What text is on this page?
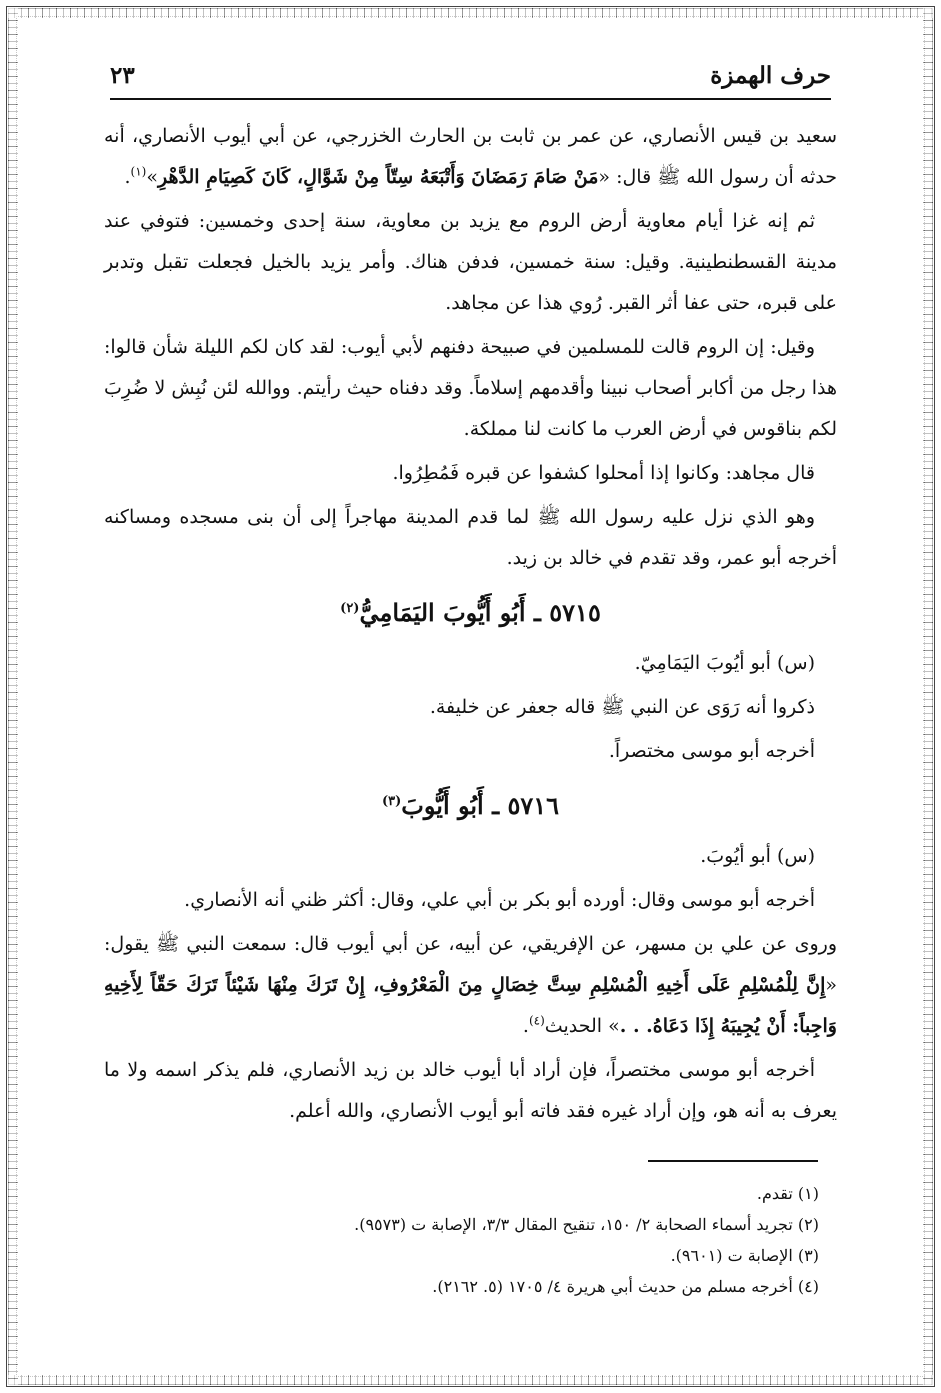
حرف الهمزة
٢٣

سعيد بن قيس الأنصاري، عن عمر بن ثابت بن الحارث الخزرجي، عن أبي أيوب الأنصاري، أنه حدثه أن رسول الله ﷺ قال: «مَنْ صَامَ رَمَضَانَ وَأَتْبَعَهُ سِتّاً مِنْ شَوَّالٍ، كَانَ كَصِيَامِ الدَّهْرِ»$^{(١)}$.

ثم إنه غزا أيام معاوية أرض الروم مع يزيد بن معاوية، سنة إحدى وخمسين: فتوفي عند مدينة القسطنطينية. وقيل: سنة خمسين، فدفن هناك. وأمر يزيد بالخيل فجعلت تقبل وتدبر على قبره، حتى عفا أثر القبر. رُوي هذا عن مجاهد.

وقيل: إن الروم قالت للمسلمين في صبيحة دفنهم لأبي أيوب: لقد كان لكم الليلة شأن قالوا: هذا رجل من أكابر أصحاب نبينا وأقدمهم إسلاماً. وقد دفناه حيث رأيتم. ووالله لئن نُبِش لا ضُرِبَ لكم بناقوس في أرض العرب ما كانت لنا مملكة.

قال مجاهد: وكانوا إذا أمحلوا كشفوا عن قبره فَمُطِرُوا.

وهو الذي نزل عليه رسول الله ﷺ لما قدم المدينة مهاجراً إلى أن بنى مسجده ومساكنه أخرجه أبو عمر، وقد تقدم في خالد بن زيد.

٥٧١٥ ـ أَبُو أَيُّوبَ اليَمَامِيُّ$^{(٢)}$

(س) أبو أيُوبَ اليَمَامِيّ.

ذكروا أنه رَوَى عن النبي ﷺ قاله جعفر عن خليفة.

أخرجه أبو موسى مختصراً.

٥٧١٦ ـ أَبُو أَيُّوبَ$^{(٣)}$

(س) أبو أيُوبَ.

أخرجه أبو موسى وقال: أورده أبو بكر بن أبي علي، وقال: أكثر ظني أنه الأنصاري.

وروى عن علي بن مسهر، عن الإفريقي، عن أبيه، عن أبي أيوب قال: سمعت النبي ﷺ يقول: «إِنَّ لِلْمُسْلِمِ عَلَى أَخِيهِ الْمُسْلِمِ سِتَّ خِصَالٍ مِنَ الْمَعْرُوفِ، إِنْ تَرَكَ مِنْهَا شَيْئاً تَرَكَ حَقّاً لِأَخِيهِ وَاجِباً: أَنْ يُجِيبَهُ إِذَا دَعَاهُ. . .» الحديث$^{(٤)}$.

أخرجه أبو موسى مختصراً، فإن أراد أبا أيوب خالد بن زيد الأنصاري، فلم يذكر اسمه ولا ما يعرف به أنه هو، وإن أراد غيره فقد فاته أبو أيوب الأنصاري، والله أعلم.

(١) تقدم.

(٢) تجريد أسماء الصحابة ٢/ ١٥٠، تنقيح المقال ٣/٣، الإصابة ت (٩٥٧٣).

(٣) الإصابة ت (٩٦٠١).

(٤) أخرجه مسلم من حديث أبي هريرة ٤/ ١٧٠٥ (٥. ٢١٦٢).
